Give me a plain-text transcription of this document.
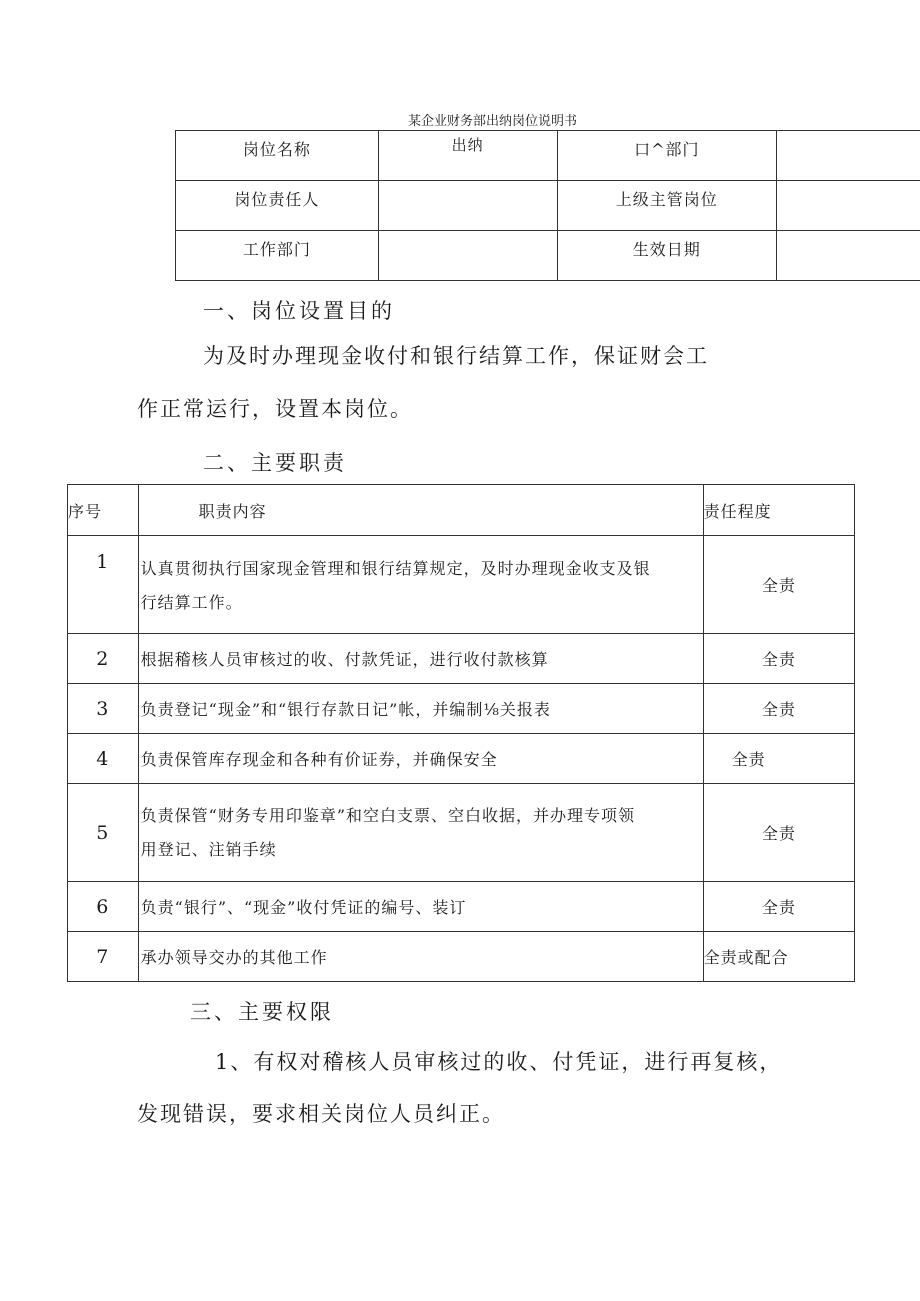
某企业财务部出纳岗位说明书
岗位名称	出纳	口^部门	
岗位责任人		上级主管岗位	
工作部门		生效日期	
一、岗位设置目的
为及时办理现金收付和银行结算工作，保证财会工
作正常运行，设置本岗位。
二、主要职责
序号	职责内容	责任程度
1	认真贯彻执行国家现金管理和银行结算规定，及时办理现金收支及银
行结算工作。	全责
2	根据稽核人员审核过的收、付款凭证，进行收付款核算	全责
3	负责登记“现金”和“银行存款日记”帐，并编制⅛关报表	全责
4	负责保管库存现金和各种有价证券，并确保安全	全责
5	负责保管“财务专用印鉴章”和空白支票、空白收据，并办理专项领
用登记、注销手续	全责
6	负责“银行”、“现金”收付凭证的编号、装订	全责
7	承办领导交办的其他工作	全责或配合
三、主要权限
1、有权对稽核人员审核过的收、付凭证，进行再复核，
发现错误，要求相关岗位人员纠正。
